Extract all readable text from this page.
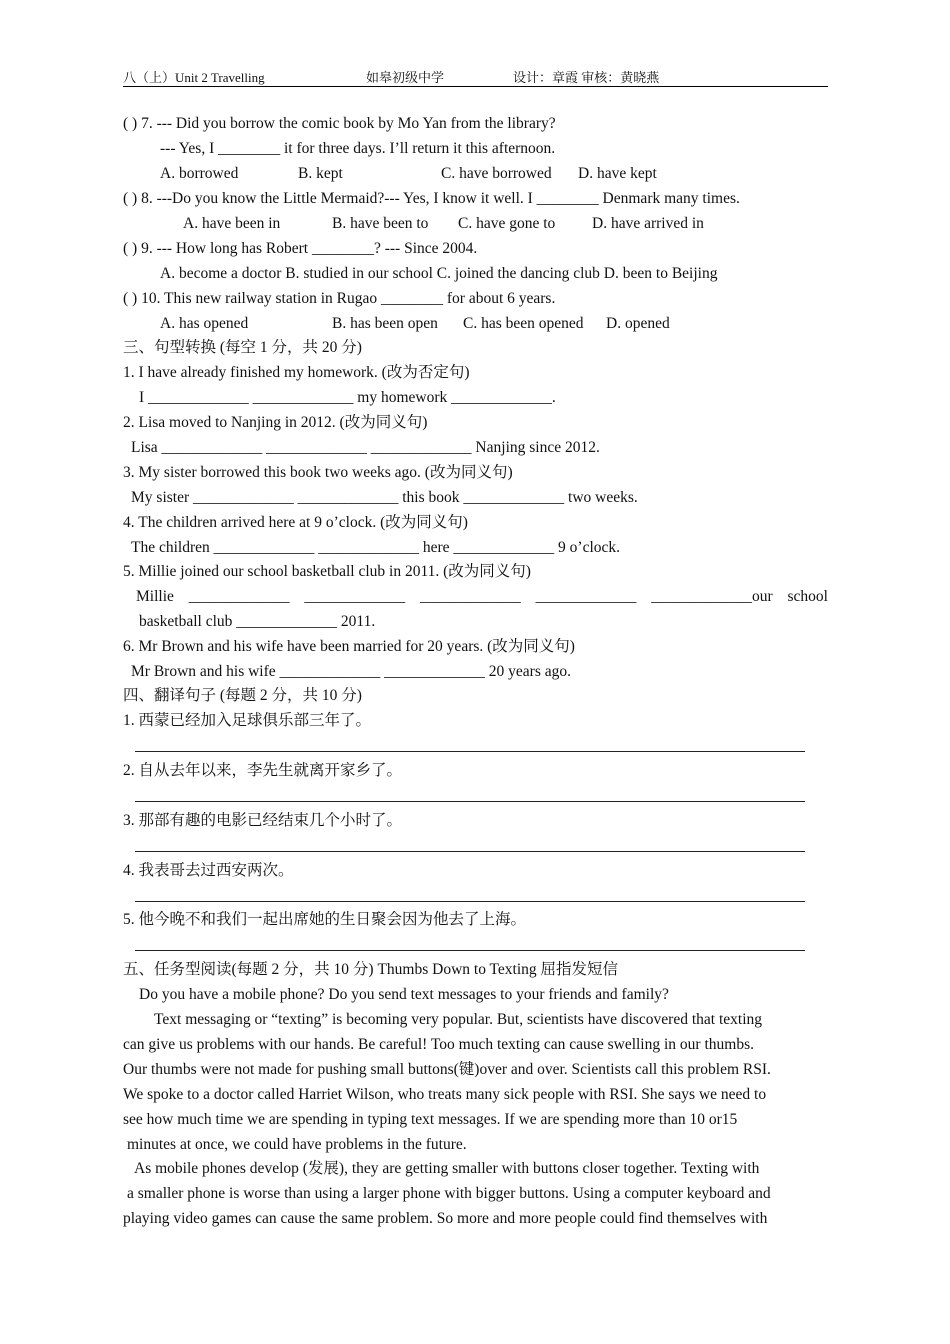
八（上）Unit 2 Travelling	如皋初级中学	设计：章霞 审核：黄晓燕
( ) 7. --- Did you borrow the comic book by Mo Yan from the library?
--- Yes, I ________ it for three days. I’ll return it this afternoon.
A. borrowed	B. kept	C. have borrowed D. have kept
( ) 8. ---Do you know the Little Mermaid?--- Yes, I know it well. I ________ Denmark many times.
A. have been in	B. have been to C. have gone to D. have arrived in
( ) 9. --- How long has Robert ________? --- Since 2004.
A. become a doctor B. studied in our school C. joined the dancing club D. been to Beijing
( ) 10. This new railway station in Rugao ________ for about 6 years.
A. has opened	B. has been open C. has been opened D. opened
三、句型转换 (每空 1 分，共 20 分)
1. I have already finished my homework. (改为否定句)
I _____________ _____________ my homework _____________.
2. Lisa moved to Nanjing in 2012. (改为同义句)
Lisa _____________ _____________ _____________ Nanjing since 2012.
3. My sister borrowed this book two weeks ago. (改为同义句)
My sister _____________ _____________ this book _____________ two weeks.
4. The children arrived here at 9 o’clock. (改为同义句)
The children _____________ _____________ here _____________ 9 o’clock.
5. Millie joined our school basketball club in 2011. (改为同义句)
Millie _____________ _____________ _____________ _____________ _____________our school
basketball club _____________ 2011.
6. Mr Brown and his wife have been married for 20 years. (改为同义句)
Mr Brown and his wife _____________ _____________ 20 years ago.
四、翻译句子 (每题 2 分，共 10 分)
1. 西蒙已经加入足球俱乐部三年了。
2. 自从去年以来，李先生就离开家乡了。
3. 那部有趣的电影已经结束几个小时了。
4. 我表哥去过西安两次。
5. 他今晚不和我们一起出席她的生日聚会因为他去了上海。
五、任务型阅读(每题 2 分，共 10 分) Thumbs Down to Texting 屈指发短信
Do you have a mobile phone? Do you send text messages to your friends and family?
Text messaging or “texting” is becoming very popular. But, scientists have discovered that texting
can give us problems with our hands. Be careful! Too much texting can cause swelling in our thumbs.
Our thumbs were not made for pushing small buttons(键)over and over. Scientists call this problem RSI.
We spoke to a doctor called Harriet Wilson, who treats many sick people with RSI. She says we need to
see how much time we are spending in typing text messages. If we are spending more than 10 or15
minutes at once, we could have problems in the future.
As mobile phones develop (发展), they are getting smaller with buttons closer together. Texting with
a smaller phone is worse than using a larger phone with bigger buttons. Using a computer keyboard and
playing video games can cause the same problem. So more and more people could find themselves with
